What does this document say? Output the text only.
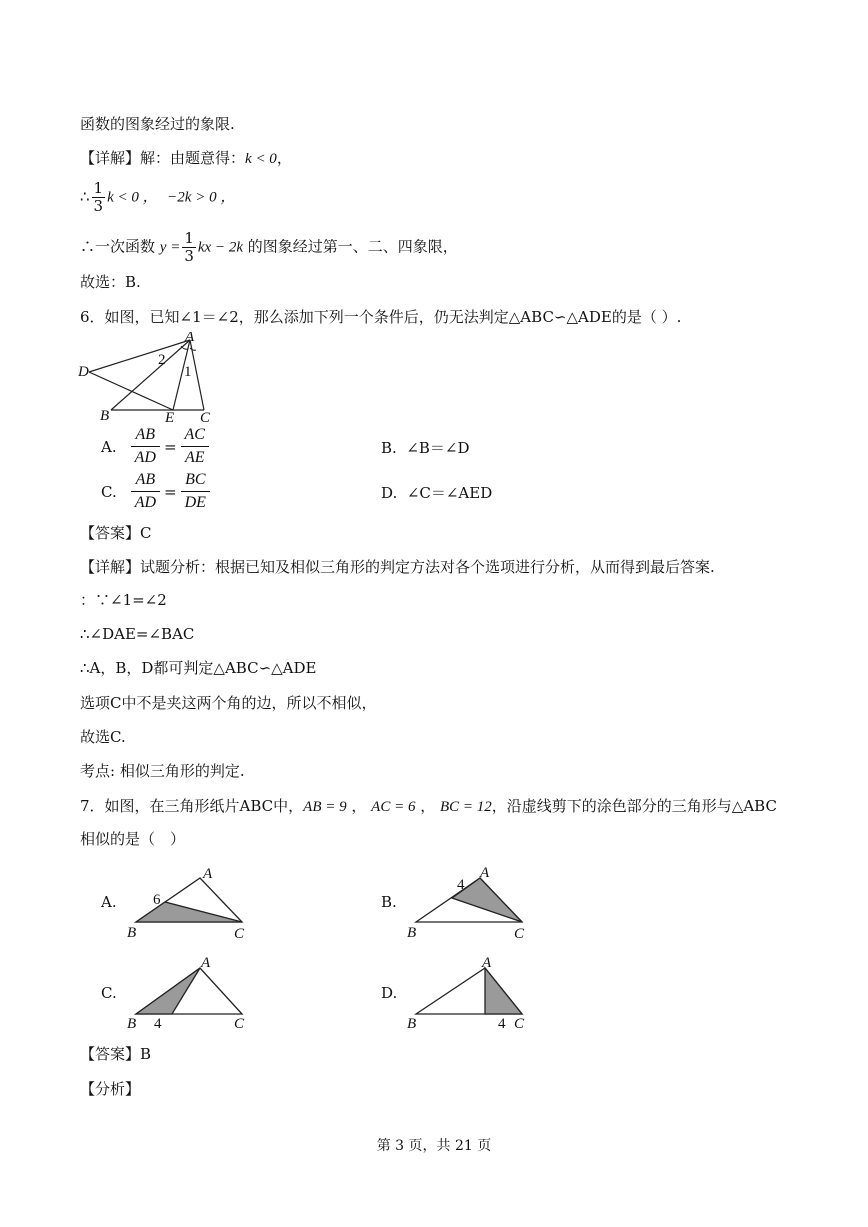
函数的图象经过的象限.
【详解】解：由题意得：k < 0，
∴ $\frac{1}{3}$ k < 0 ， −2k > 0 ，
∴一次函数 $y = \frac{1}{3}$ kx − 2k 的图象经过第一、二、四象限，
故选：B.
6．如图，已知∠1＝∠2，那么添加下列一个条件后，仍无法判定△ABC∽△ADE的是（ ）.
A
D
B	E C
1
2
A. $\frac{AB}{AD} = \frac{AC}{AE}$	B. ∠B＝∠D
C. $\frac{AB}{AD} = \frac{BC}{DE}$	D. ∠C＝∠AED
【答案】C
【详解】试题分析：根据已知及相似三角形的判定方法对各个选项进行分析，从而得到最后答案.
：∵∠1=∠2
∴∠DAE=∠BAC
∴A，B，D都可判定△ABC∽△ADE
选项C中不是夹这两个角的边，所以不相似，
故选C.
考点: 相似三角形的判定.
7．如图，在三角形纸片ABC中，AB = 9 ， AC = 6 ， BC = 12，沿虚线剪下的涂色部分的三角形与△ABC
相似的是（　）
A.
A
B	C
6	B.
A
B	C
4
C.
A
B	C
4
D.
A
B	C
4
【答案】B
【分析】
第 3 页，共 21 页
